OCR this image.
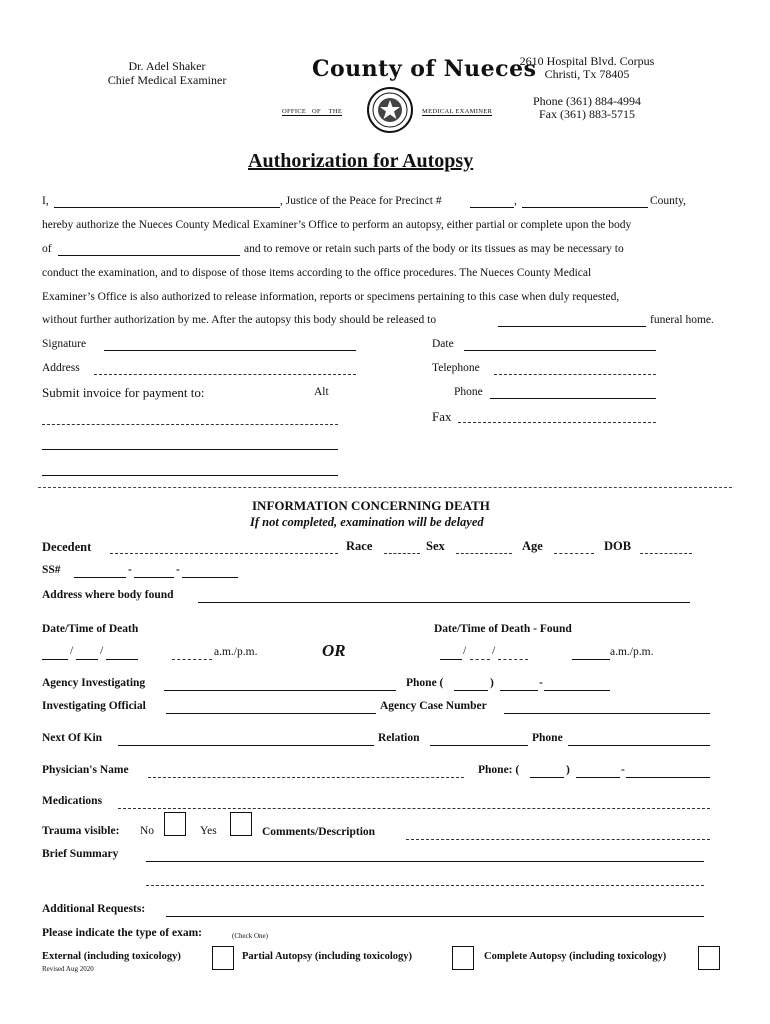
Dr. Adel Shaker
Chief Medical Examiner	County of Nueces
OFFICE OF THE	MEDICAL EXAMINER
2610 Hospital Blvd. Corpus
Christi, Tx 78405
Phone (361) 884-4994
Fax (361) 883-5715
Authorization for Autopsy
I,	, Justice of the Peace for Precinct #	,	County,
hereby authorize the Nueces County Medical Examiner’s Office to perform an autopsy, either partial or complete upon the body
of	and to remove or retain such parts of the body or its tissues as may be necessary to
conduct the examination, and to dispose of those items according to the office procedures. The Nueces County Medical
Examiner’s Office is also authorized to release information, reports or specimens pertaining to this case when duly requested,
without further authorization by me. After the autopsy this body should be released to	funeral home.
Signature	Date
Address	Telephone
Submit invoice for payment to:	Alt	Phone
Fax
INFORMATION CONCERNING DEATH
If not completed, examination will be delayed
Decedent	Race	Sex	Age	DOB
SS#	-	-
Address where body found
Date/Time of Death	Date/Time of Death - Found
/ /	a.m./p.m.	OR	/ /	a.m./p.m.
Agency Investigating	Phone (	)	-
Investigating Official	Agency Case Number
Next Of Kin	Relation	Phone
Physician's Name	Phone: (	)	-
Medications
Trauma visible: No	Yes	Comments/Description
Brief Summary
Additional Requests:
Please indicate the type of exam:	(Check One)
External (including toxicology)	Partial Autopsy (including toxicology)	Complete Autopsy (including toxicology)
Revised Aug 2020
